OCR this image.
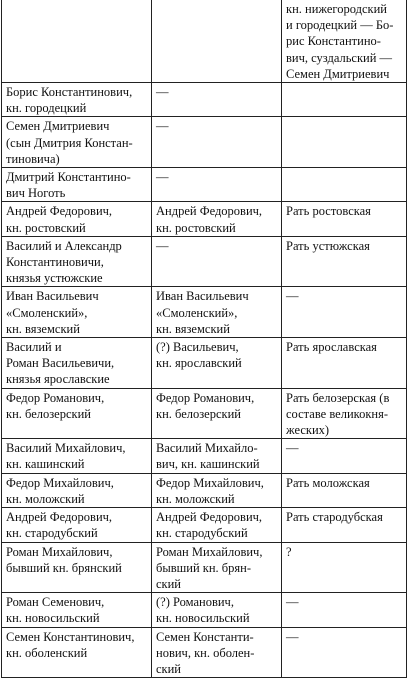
		кн. нижегородский
и городецкий — Бо-
рис Константино-
вич, суздальский —
Семен Дмитриевич

Борис Константинович,
кн. городецкий	—	

Семен Дмитриевич
(сын Дмитрия Констан-
тиновича)	—	

Дмитрий Константино-
вич Ноготь	—	

Андрей Федорович,
кн. ростовский	Андрей Федорович,
кн. ростовский	Рать ростовская

Василий и Александр
Константиновичи,
князья устюжские	—	Рать устюжская

Иван Васильевич
«Смоленский»,
кн. вяземский	Иван Васильевич
«Смоленский»,
кн. вяземский	—

Василий и
Роман Васильевичи,
князья ярославские	(?) Васильевич,
кн. ярославский	Рать ярославская

Федор Романович,
кн. белозерский	Федор Романович,
кн. белозерский	Рать белозерская (в
составе великокня-
жеских)

Василий Михайлович,
кн. кашинский	Василий Михайло-
вич, кн. кашинский	—

Федор Михайлович,
кн. моложский	Федор Михайлович,
кн. моложский	Рать моложская

Андрей Федорович,
кн. стародубский	Андрей Федорович,
кн. стародубский	Рать стародубская

Роман Михайлович,
бывший кн. брянский	Роман Михайлович,
бывший кн. брян-
ский	?

Роман Семенович,
кн. новосильский	(?) Романович,
кн. новосильский	—

Семен Константинович,
кн. оболенский	Семен Константи-
нович, кн. оболен-
ский	—
